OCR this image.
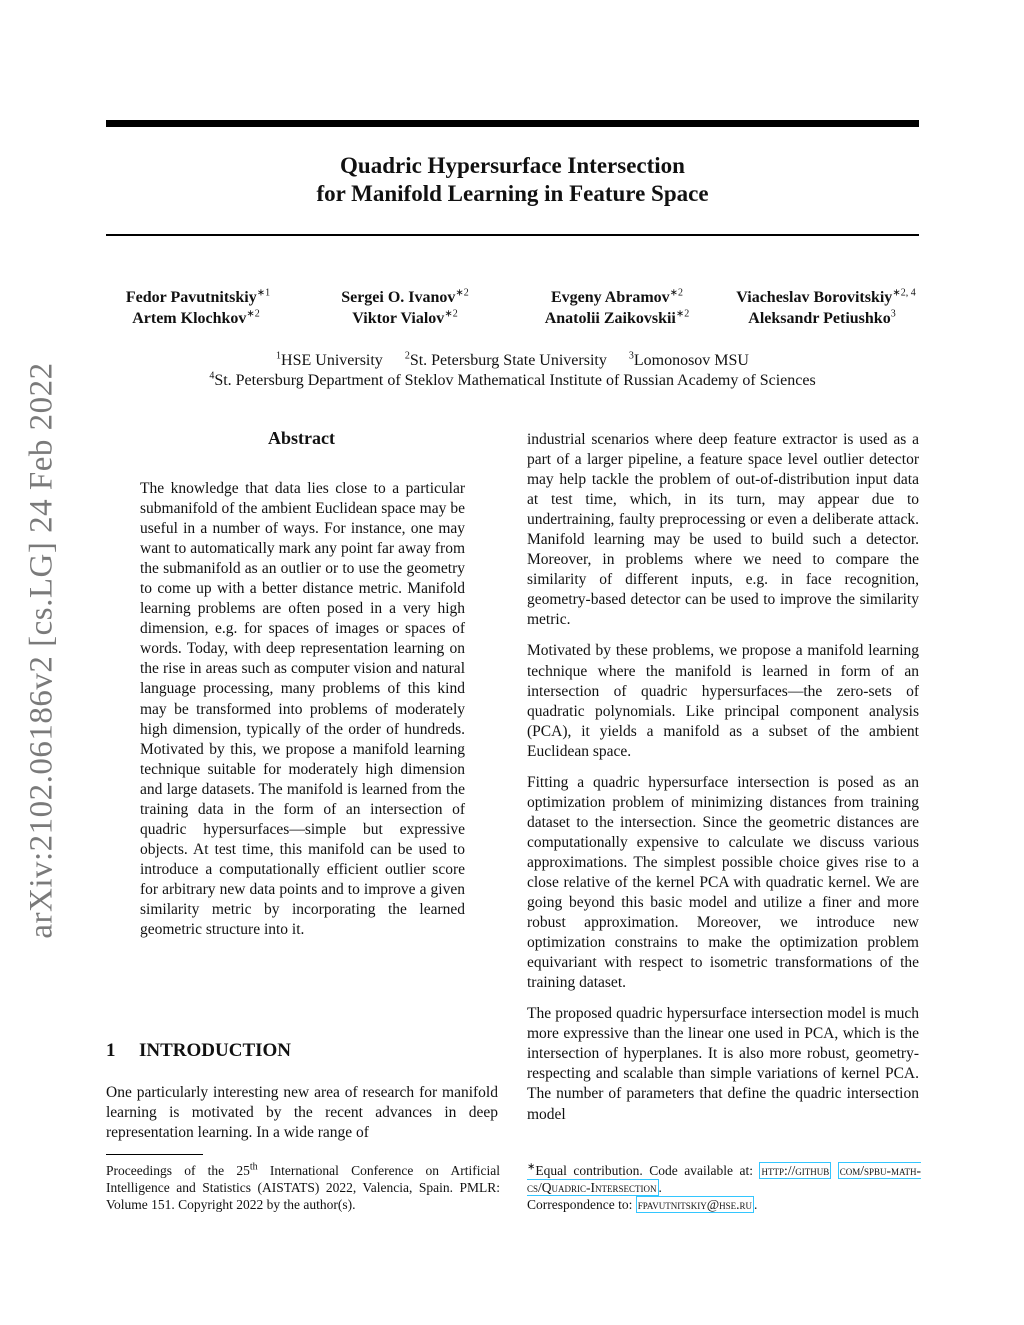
arXiv:2102.06186v2 [cs.LG] 24 Feb 2022
Quadric Hypersurface Intersection
for Manifold Learning in Feature Space
Fedor Pavutnitskiy$^{∗1}$	Sergei O. Ivanov$^{∗2}$	Evgeny Abramov$^{∗2}$	Viacheslav Borovitskiy$^{∗2, 4}$
Artem Klochkov$^{∗2}$	Viktor Vialov$^{∗2}$	Anatolii Zaikovskii$^{∗2}$	Aleksandr Petiushko$^3$
$^1$HSE University $^2$St. Petersburg State University $^3$Lomonosov MSU
$^4$St. Petersburg Department of Steklov Mathematical Institute of Russian Academy of Sciences
Abstract
The knowledge that data lies close to a particular submanifold of the ambient Euclidean space may be useful in a number of ways. For instance, one may want to automatically mark any point far away from the submanifold as an outlier or to use the geometry to come up with a better distance metric. Manifold learning problems are often posed in a very high dimension, e.g. for spaces of images or spaces of words. Today, with deep representation learning on the rise in areas such as computer vision and natural language processing, many problems of this kind may be transformed into problems of moderately high dimension, typically of the order of hundreds. Motivated by this, we propose a manifold learning technique suitable for moderately high dimension and large datasets. The manifold is learned from the training data in the form of an intersection of quadric hypersurfaces—simple but expressive objects. At test time, this manifold can be used to introduce a computationally efficient outlier score for arbitrary new data points and to improve a given similarity metric by incorporating the learned geometric structure into it.
1 INTRODUCTION
One particularly interesting new area of research for manifold learning is motivated by the recent advances in deep representation learning. In a wide range of

industrial scenarios where deep feature extractor is used as a part of a larger pipeline, a feature space level outlier detector may help tackle the problem of out-of-distribution input data at test time, which, in its turn, may appear due to undertraining, faulty preprocessing or even a deliberate attack. Manifold learning may be used to build such a detector. Moreover, in problems where we need to compare the similarity of different inputs, e.g. in face recognition, geometry-based detector can be used to improve the similarity metric.

Motivated by these problems, we propose a manifold learning technique where the manifold is learned in form of an intersection of quadric hypersurfaces—the zero-sets of quadratic polynomials. Like principal component analysis (PCA), it yields a manifold as a subset of the ambient Euclidean space.

Fitting a quadric hypersurface intersection is posed as an optimization problem of minimizing distances from training dataset to the intersection. Since the geometric distances are computationally expensive to calculate we discuss various approximations. The simplest possible choice gives rise to a close relative of the kernel PCA with quadratic kernel. We are going beyond this basic model and utilize a finer and more robust approximation. Moreover, we introduce new optimization constrains to make the optimization problem equivariant with respect to isometric transformations of the training dataset.

The proposed quadric hypersurface intersection model is much more expressive than the linear one used in PCA, which is the intersection of hyperplanes. It is also more robust, geometry-respecting and scalable than simple variations of kernel PCA. The number of parameters that define the quadric intersection model

Proceedings of the 25th International Conference on Artificial Intelligence and Statistics (AISTATS) 2022, Valencia, Spain. PMLR: Volume 151. Copyright 2022 by the author(s).
∗Equal contribution. Code available at: http://github com/spbu-math-cs/Quadric-Intersection .
Correspondence to: fpavutnitskiy@hse.ru .
